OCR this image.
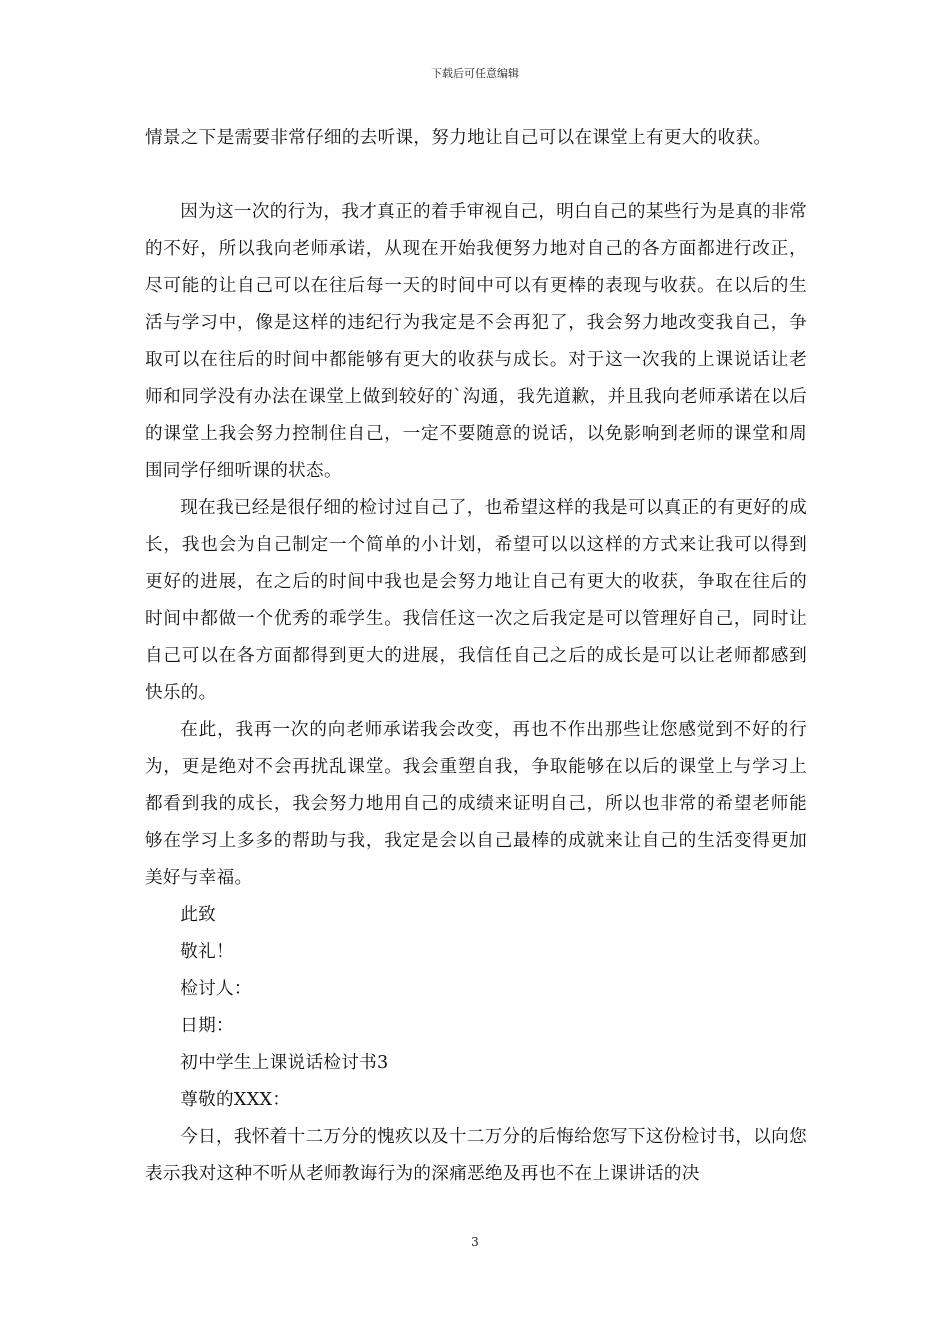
下载后可任意编辑

情景之下是需要非常仔细的去听课，努力地让自己可以在课堂上有更大的收获。

因为这一次的行为，我才真正的着手审视自己，明白自己的某些行为是真的非常的不好，所以我向老师承诺，从现在开始我便努力地对自己的各方面都进行改正，尽可能的让自己可以在往后每一天的时间中可以有更棒的表现与收获。在以后的生活与学习中，像是这样的违纪行为我定是不会再犯了，我会努力地改变我自己，争取可以在往后的时间中都能够有更大的收获与成长。对于这一次我的上课说话让老师和同学没有办法在课堂上做到较好的`沟通，我先道歉，并且我向老师承诺在以后的课堂上我会努力控制住自己，一定不要随意的说话，以免影响到老师的课堂和周围同学仔细听课的状态。

现在我已经是很仔细的检讨过自己了，也希望这样的我是可以真正的有更好的成长，我也会为自己制定一个简单的小计划，希望可以以这样的方式来让我可以得到更好的进展，在之后的时间中我也是会努力地让自己有更大的收获，争取在往后的时间中都做一个优秀的乖学生。我信任这一次之后我定是可以管理好自己，同时让自己可以在各方面都得到更大的进展，我信任自己之后的成长是可以让老师都感到快乐的。

在此，我再一次的向老师承诺我会改变，再也不作出那些让您感觉到不好的行为，更是绝对不会再扰乱课堂。我会重塑自我，争取能够在以后的课堂上与学习上都看到我的成长，我会努力地用自己的成绩来证明自己，所以也非常的希望老师能够在学习上多多的帮助与我，我定是会以自己最棒的成就来让自己的生活变得更加美好与幸福。

此致

敬礼！

检讨人：

日期：

初中学生上课说话检讨书3

尊敬的XXX：

今日，我怀着十二万分的愧疚以及十二万分的后悔给您写下这份检讨书，以向您表示我对这种不听从老师教诲行为的深痛恶绝及再也不在上课讲话的决

3
